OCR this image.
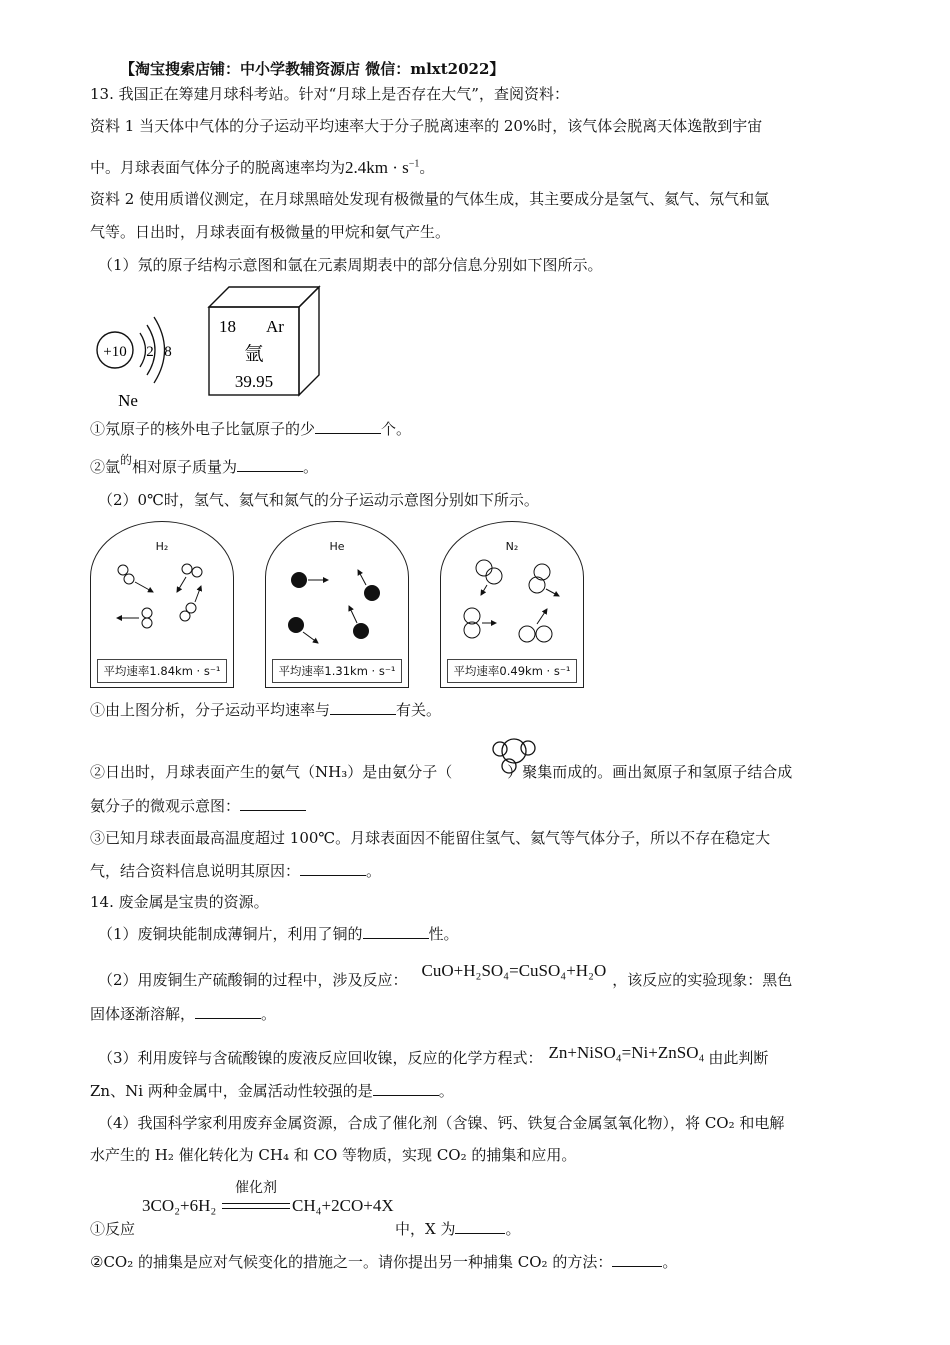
【淘宝搜索店铺：中小学教辅资源店 微信：mlxt2022】
13. 我国正在筹建月球科考站。针对“月球上是否存在大气”，查阅资料：
资料 1 当天体中气体的分子运动平均速率大于分子脱离速率的 20%时，该气体会脱离天体逸散到宇宙
中。月球表面气体分子的脱离速率均为$2.4km \cdot s^{-1}$。
资料 2 使用质谱仪测定，在月球黑暗处发现有极微量的气体生成，其主要成分是氢气、氦气、氖气和氩
气等。日出时，月球表面有极微量的甲烷和氨气产生。
（1）氖的原子结构示意图和氩在元素周期表中的部分信息分别如下图所示。
+10 2 8
Ne
18 Ar
氩
39.95
①氖原子的核外电子比氩原子的少	个。
②氩$^的$相对原子质量为	。
（2）0℃时，氢气、氦气和氮气的分子运动示意图分别如下所示。
H₂
平均速率1.84km · s⁻¹
He
平均速率1.31km · s⁻¹
N₂
平均速率0.49km · s⁻¹
①由上图分析，分子运动平均速率与	有关。
②日出时，月球表面产生的氨气（NH₃）是由氨分子（	）聚集而成的。画出氮原子和氢原子结合成
氨分子的微观示意图：
③已知月球表面最高温度超过 100℃。月球表面因不能留住氢气、氦气等气体分子，所以不存在稳定大
气，结合资料信息说明其原因：	。
14. 废金属是宝贵的资源。
（1）废铜块能制成薄铜片，利用了铜的	性。
（2）用废铜生产硫酸铜的过程中，涉及反应： CuO+H₂SO₄=CuSO₄+H₂O ，该反应的实验现象：黑色
固体逐渐溶解，	。
（3）利用废锌与含硫酸镍的废液反应回收镍，反应的化学方程式： Zn+NiSO₄=Ni+ZnSO₄ 由此判断
Zn、Ni 两种金属中，金属活动性较强的是	。
（4）我国科学家利用废弃金属资源，合成了催化剂（含镍、钙、铁复合金属氢氧化物），将 CO₂ 和电解
水产生的 H₂ 催化转化为 CH₄ 和 CO 等物质，实现 CO₂ 的捕集和应用。
3CO₂+6H₂
催化剂
CH₄+2CO+4X
①反应	中，X 为	。
②CO₂ 的捕集是应对气候变化的措施之一。请你提出另一种捕集 CO₂ 的方法：	。
